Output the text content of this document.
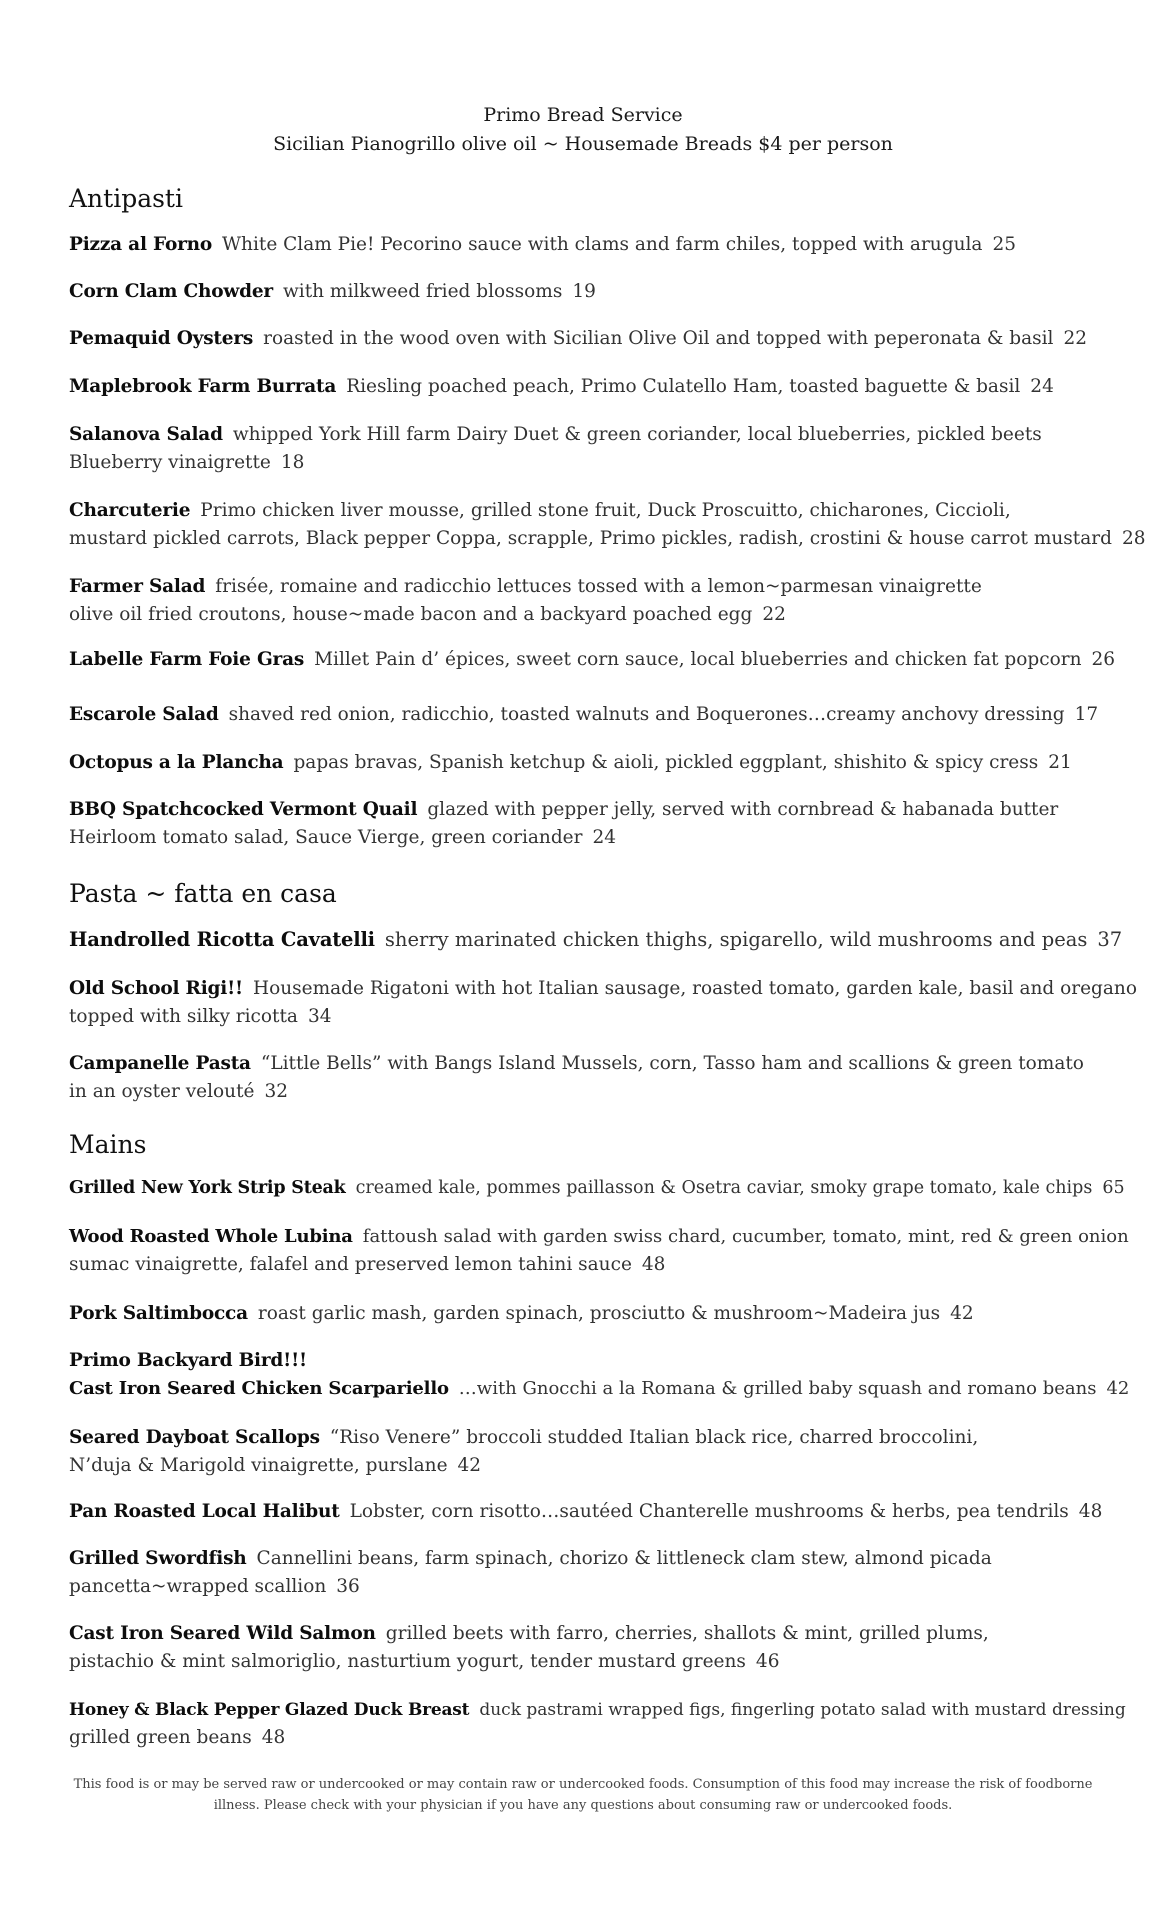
Primo Bread Service
Sicilian Pianogrillo olive oil ~ Housemade Breads $4 per person
Antipasti
Pizza al Forno White Clam Pie! Pecorino sauce with clams and farm chiles, topped with arugula 25
Corn Clam Chowder with milkweed fried blossoms 19
Pemaquid Oysters roasted in the wood oven with Sicilian Olive Oil and topped with peperonata & basil 22
Maplebrook Farm Burrata Riesling poached peach, Primo Culatello Ham, toasted baguette & basil 24
Salanova Salad whipped York Hill farm Dairy Duet & green coriander, local blueberries, pickled beets
Blueberry vinaigrette 18
Charcuterie Primo chicken liver mousse, grilled stone fruit, Duck Proscuitto, chicharones, Ciccioli,
mustard pickled carrots, Black pepper Coppa, scrapple, Primo pickles, radish, crostini & house carrot mustard 28
Farmer Salad frisée, romaine and radicchio lettuces tossed with a lemon~parmesan vinaigrette
olive oil fried croutons, house~made bacon and a backyard poached egg 22
Labelle Farm Foie Gras Millet Pain d’ épices, sweet corn sauce, local blueberries and chicken fat popcorn 26
Escarole Salad shaved red onion, radicchio, toasted walnuts and Boquerones…creamy anchovy dressing 17
Octopus a la Plancha papas bravas, Spanish ketchup & aioli, pickled eggplant, shishito & spicy cress 21
BBQ Spatchcocked Vermont Quail glazed with pepper jelly, served with cornbread & habanada butter
Heirloom tomato salad, Sauce Vierge, green coriander 24
Pasta ~ fatta en casa
Handrolled Ricotta Cavatelli sherry marinated chicken thighs, spigarello, wild mushrooms and peas 37
Old School Rigi!! Housemade Rigatoni with hot Italian sausage, roasted tomato, garden kale, basil and oregano
topped with silky ricotta 34
Campanelle Pasta “Little Bells” with Bangs Island Mussels, corn, Tasso ham and scallions & green tomato
in an oyster velouté 32
Mains
Grilled New York Strip Steak creamed kale, pommes paillasson & Osetra caviar, smoky grape tomato, kale chips 65
Wood Roasted Whole Lubina fattoush salad with garden swiss chard, cucumber, tomato, mint, red & green onion
sumac vinaigrette, falafel and preserved lemon tahini sauce 48
Pork Saltimbocca roast garlic mash, garden spinach, prosciutto & mushroom~Madeira jus 42
Primo Backyard Bird!!!
Cast Iron Seared Chicken Scarpariello …with Gnocchi a la Romana & grilled baby squash and romano beans 42
Seared Dayboat Scallops “Riso Venere” broccoli studded Italian black rice, charred broccolini,
N’duja & Marigold vinaigrette, purslane 42
Pan Roasted Local Halibut Lobster, corn risotto…sautéed Chanterelle mushrooms & herbs, pea tendrils 48
Grilled Swordfish Cannellini beans, farm spinach, chorizo & littleneck clam stew, almond picada
pancetta~wrapped scallion 36
Cast Iron Seared Wild Salmon grilled beets with farro, cherries, shallots & mint, grilled plums,
pistachio & mint salmoriglio, nasturtium yogurt, tender mustard greens 46
Honey & Black Pepper Glazed Duck Breast duck pastrami wrapped figs, fingerling potato salad with mustard dressing
grilled green beans 48
This food is or may be served raw or undercooked or may contain raw or undercooked foods. Consumption of this food may increase the risk of foodborne
illness. Please check with your physician if you have any questions about consuming raw or undercooked foods.
